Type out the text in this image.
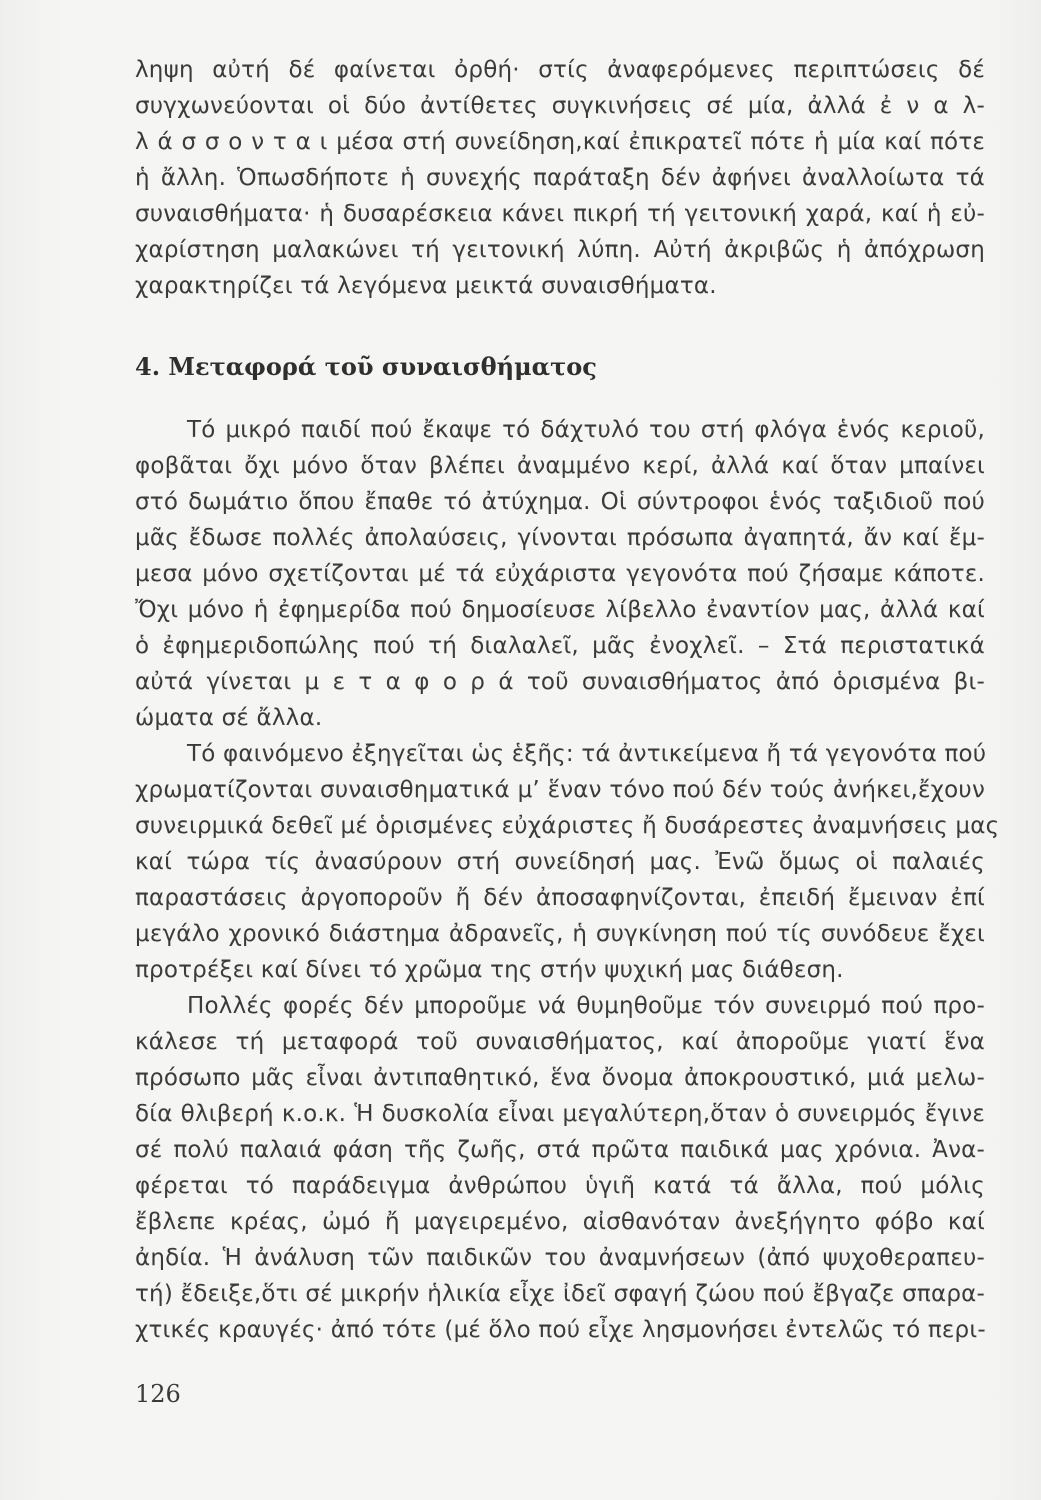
ληψη αὐτή δέ φαίνεται ὀρθή· στίς ἀναφερόμενες περιπτώσεις δέ
συγχωνεύονται οἱ δύο ἀντίθετες συγκινήσεις σέ μία, ἀλλά ἐ ν α λ-
λ ά σ σ ο ν τ α ι μέσα στή συνείδηση,καί ἐπικρατεῖ πότε ἡ μία καί πότε
ἡ ἄλλη. Ὁπωσδήποτε ἡ συνεχής παράταξη δέν ἀφήνει ἀναλλοίωτα τά
συναισθήματα· ἡ δυσαρέσκεια κάνει πικρή τή γειτονική χαρά, καί ἡ εὐ-
χαρίστηση μαλακώνει τή γειτονική λύπη. Αὐτή ἀκριβῶς ἡ ἀπόχρωση
χαρακτηρίζει τά λεγόμενα μεικτά συναισθήματα.
4. Μεταφορά τοῦ συναισθήματος
Τό μικρό παιδί πού ἔκαψε τό δάχτυλό του στή φλόγα ἑνός κεριοῦ,
φοβᾶται ὄχι μόνο ὅταν βλέπει ἀναμμένο κερί, ἀλλά καί ὅταν μπαίνει
στό δωμάτιο ὅπου ἔπαθε τό ἀτύχημα. Οἱ σύντροφοι ἑνός ταξιδιοῦ πού
μᾶς ἔδωσε πολλές ἀπολαύσεις, γίνονται πρόσωπα ἀγαπητά, ἄν καί ἔμ-
μεσα μόνο σχετίζονται μέ τά εὐχάριστα γεγονότα πού ζήσαμε κάποτε.
Ὄχι μόνο ἡ ἐφημερίδα πού δημοσίευσε λίβελλο ἐναντίον μας, ἀλλά καί
ὁ ἐφημεριδοπώλης πού τή διαλαλεῖ, μᾶς ἐνοχλεῖ. – Στά περιστατικά
αὐτά γίνεται μ ε τ α φ ο ρ ά τοῦ συναισθήματος ἀπό ὁρισμένα βι-
ώματα σέ ἄλλα.
Τό φαινόμενο ἐξηγεῖται ὡς ἑξῆς: τά ἀντικείμενα ἤ τά γεγονότα πού
χρωματίζονται συναισθηματικά μ’ ἕναν τόνο πού δέν τούς ἀνήκει,ἔχουν
συνειρμικά δεθεῖ μέ ὁρισμένες εὐχάριστες ἤ δυσάρεστες ἀναμνήσεις μας
καί τώρα τίς ἀνασύρουν στή συνείδησή μας. Ἐνῶ ὅμως οἱ παλαιές
παραστάσεις ἀργοποροῦν ἤ δέν ἀποσαφηνίζονται, ἐπειδή ἔμειναν ἐπί
μεγάλο χρονικό διάστημα ἀδρανεῖς, ἡ συγκίνηση πού τίς συνόδευε ἔχει
προτρέξει καί δίνει τό χρῶμα της στήν ψυχική μας διάθεση.
Πολλές φορές δέν μποροῦμε νά θυμηθοῦμε τόν συνειρμό πού προ-
κάλεσε τή μεταφορά τοῦ συναισθήματος, καί ἀποροῦμε γιατί ἕνα
πρόσωπο μᾶς εἶναι ἀντιπαθητικό, ἕνα ὄνομα ἀποκρουστικό, μιά μελω-
δία θλιβερή κ.ο.κ. Ἡ δυσκολία εἶναι μεγαλύτερη,ὅταν ὁ συνειρμός ἔγινε
σέ πολύ παλαιά φάση τῆς ζωῆς, στά πρῶτα παιδικά μας χρόνια. Ἀνα-
φέρεται τό παράδειγμα ἀνθρώπου ὑγιῆ κατά τά ἄλλα, πού μόλις
ἔβλεπε κρέας, ὠμό ἤ μαγειρεμένο, αἰσθανόταν ἀνεξήγητο φόβο καί
ἀηδία. Ἡ ἀνάλυση τῶν παιδικῶν του ἀναμνήσεων (ἀπό ψυχοθεραπευ-
τή) ἔδειξε,ὅτι σέ μικρήν ἡλικία εἶχε ἰδεῖ σφαγή ζώου πού ἔβγαζε σπαρα-
χτικές κραυγές· ἀπό τότε (μέ ὅλο πού εἶχε λησμονήσει ἐντελῶς τό περι-
126
